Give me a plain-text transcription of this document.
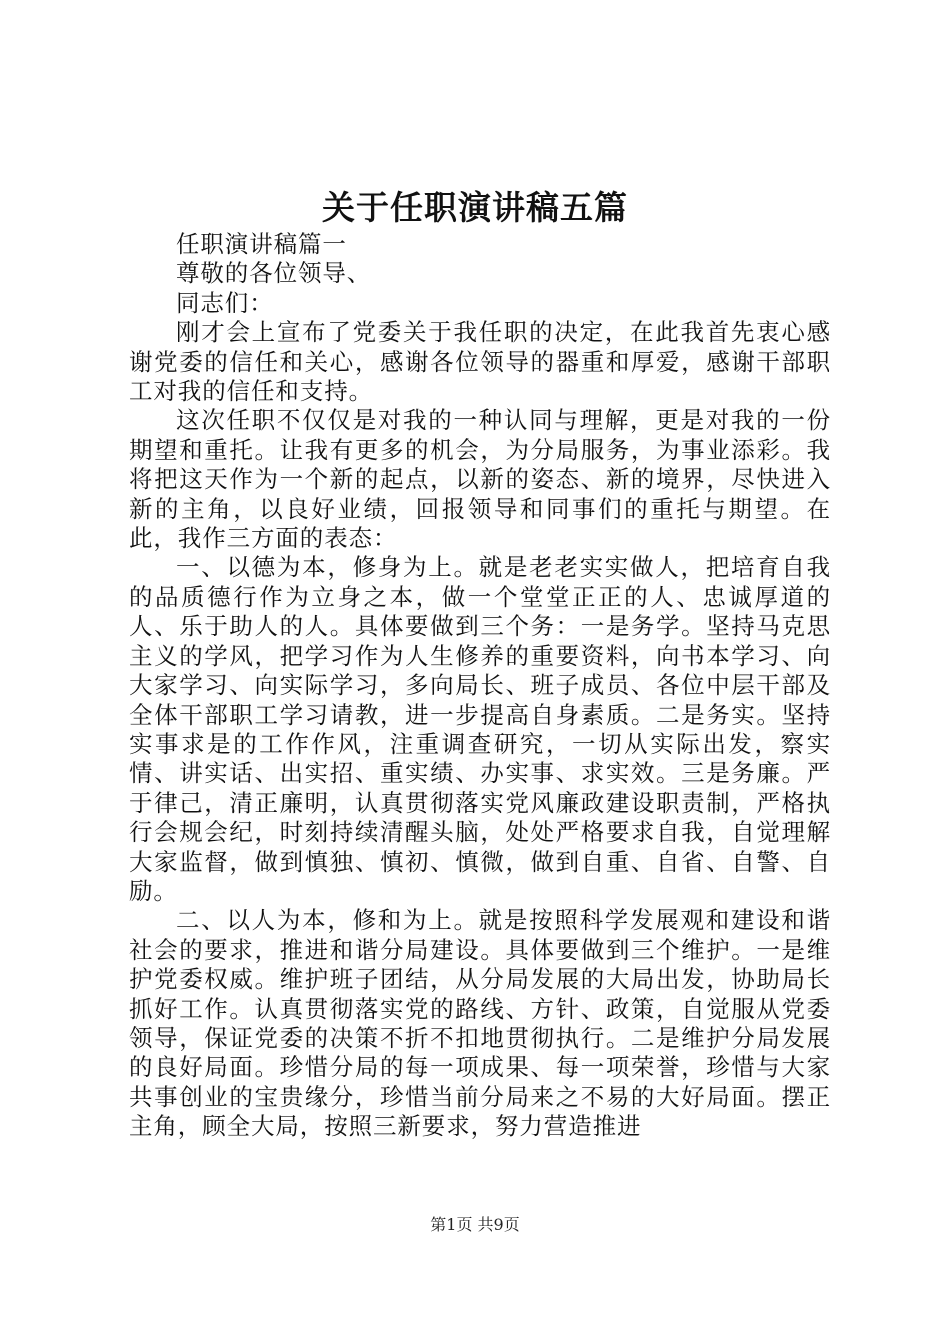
关于任职演讲稿五篇

任职演讲稿篇一

尊敬的各位领导、

同志们：

刚才会上宣布了党委关于我任职的决定，在此我首先衷心感谢党委的信任和关心，感谢各位领导的器重和厚爱，感谢干部职工对我的信任和支持。

这次任职不仅仅是对我的一种认同与理解，更是对我的一份期望和重托。让我有更多的机会，为分局服务，为事业添彩。我将把这天作为一个新的起点，以新的姿态、新的境界，尽快进入新的主角，以良好业绩，回报领导和同事们的重托与期望。在此，我作三方面的表态：

一、以德为本，修身为上。就是老老实实做人，把培育自我的品质德行作为立身之本，做一个堂堂正正的人、忠诚厚道的人、乐于助人的人。具体要做到三个务：一是务学。坚持马克思主义的学风，把学习作为人生修养的重要资料，向书本学习、向大家学习、向实际学习，多向局长、班子成员、各位中层干部及全体干部职工学习请教，进一步提高自身素质。二是务实。坚持实事求是的工作作风，注重调查研究，一切从实际出发，察实情、讲实话、出实招、重实绩、办实事、求实效。三是务廉。严于律己，清正廉明，认真贯彻落实党风廉政建设职责制，严格执行会规会纪，时刻持续清醒头脑，处处严格要求自我，自觉理解大家监督，做到慎独、慎初、慎微，做到自重、自省、自警、自励。

二、以人为本，修和为上。就是按照科学发展观和建设和谐社会的要求，推进和谐分局建设。具体要做到三个维护。一是维护党委权威。维护班子团结，从分局发展的大局出发，协助局长抓好工作。认真贯彻落实党的路线、方针、政策，自觉服从党委领导，保证党委的决策不折不扣地贯彻执行。二是维护分局发展的良好局面。珍惜分局的每一项成果、每一项荣誉，珍惜与大家共事创业的宝贵缘分，珍惜当前分局来之不易的大好局面。摆正主角，顾全大局，按照三新要求，努力营造推进

第1页 共9页
